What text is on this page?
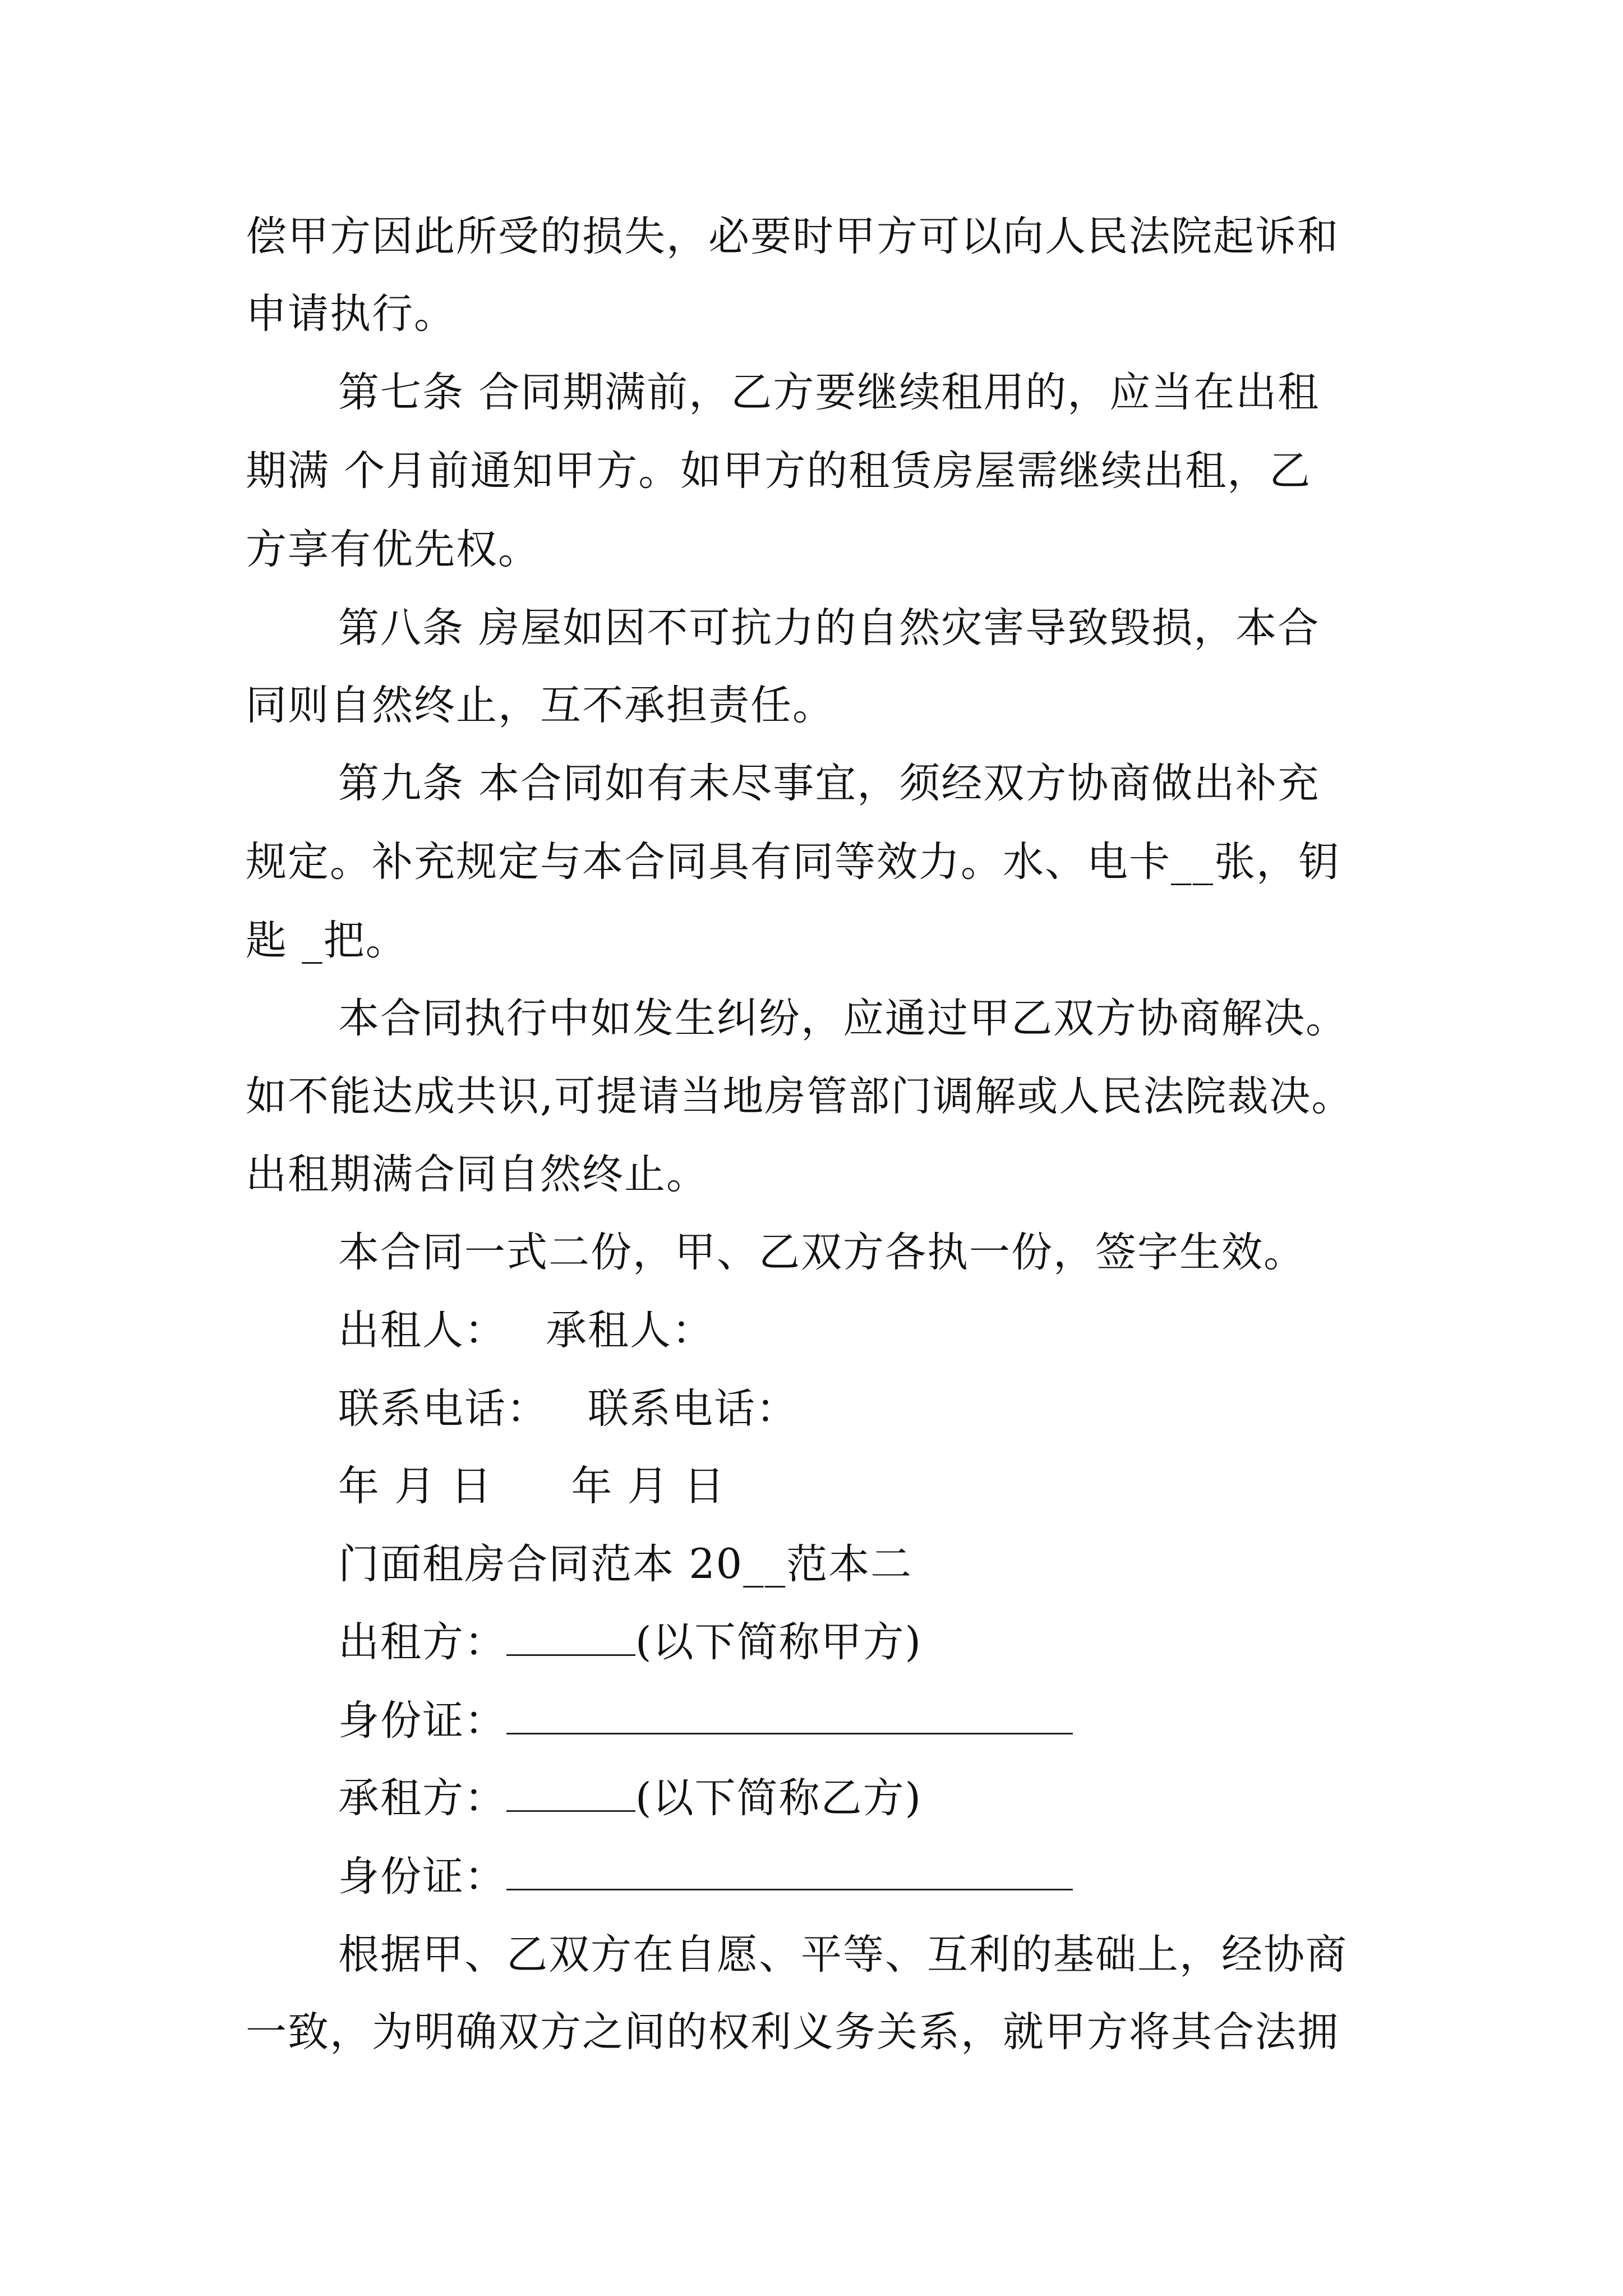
偿甲方因此所受的损失，必要时甲方可以向人民法院起诉和
申请执行。
第七条 合同期满前，乙方要继续租用的，应当在出租
期满 个月前通知甲方。如甲方的租赁房屋需继续出租，乙
方享有优先权。
第八条 房屋如因不可抗力的自然灾害导致毁损，本合
同则自然终止，互不承担责任。
第九条 本合同如有未尽事宜，须经双方协商做出补充
规定。补充规定与本合同具有同等效力。水、电卡__张，钥
匙 _把。
本合同执行中如发生纠纷，应通过甲乙双方协商解决。
如不能达成共识,可提请当地房管部门调解或人民法院裁决。
出租期满合同自然终止。
本合同一式二份，甲、乙双方各执一份，签字生效。
出租人： 承租人：
联系电话： 联系电话：
年 月 日 年 月 日
门面租房合同范本 20__范本二
出租方：	(以下简称甲方)
身份证：
承租方：	(以下简称乙方)
身份证：
根据甲、乙双方在自愿、平等、互利的基础上，经协商
一致，为明确双方之间的权利义务关系，就甲方将其合法拥
